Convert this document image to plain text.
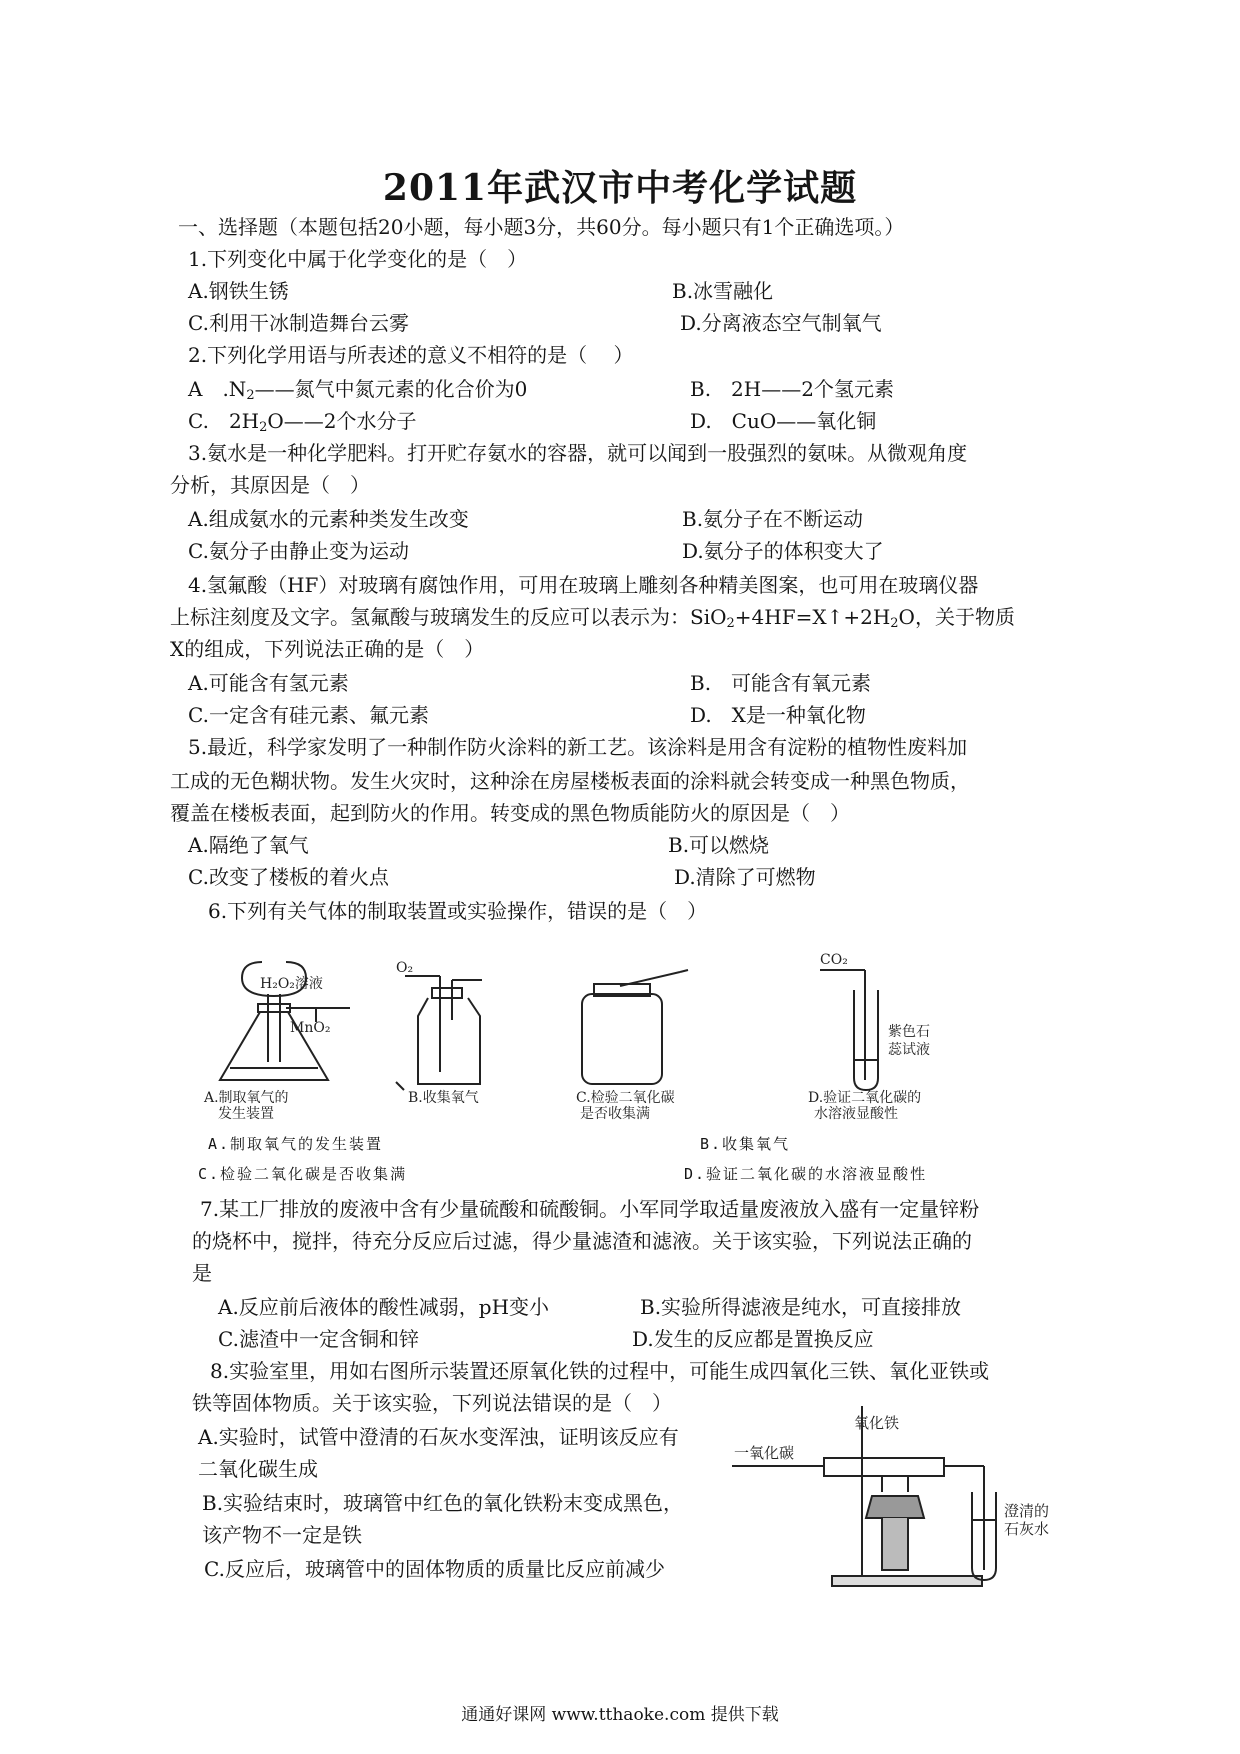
2011年武汉市中考化学试题
一、选择题（本题包括20小题，每小题3分，共60分。每小题只有1个正确选项。）
1.下列变化中属于化学变化的是（　）
A.钢铁生锈	B.冰雪融化
C.利用干冰制造舞台云雾	D.分离液态空气制氧气
2.下列化学用语与所表述的意义不相符的是（　 ）
A　$.N_2——$氮气中氮元素的化合价为0	B.　2H——2个氢元素
C.　$2H_2O——2$个水分子	D.　CuO——氧化铜
3.氨水是一种化学肥料。打开贮存氨水的容器，就可以闻到一股强烈的氨味。从微观角度
分析，其原因是（　）
A.组成氨水的元素种类发生改变	B.氨分子在不断运动
C.氨分子由静止变为运动	D.氨分子的体积变大了
4.氢氟酸（HF）对玻璃有腐蚀作用，可用在玻璃上雕刻各种精美图案，也可用在玻璃仪器
上标注刻度及文字。氢氟酸与玻璃发生的反应可以表示为：$SiO_2+4HF=X↑+2H_2O$，关于物质
X的组成，下列说法正确的是（　）
A.可能含有氢元素	B.　可能含有氧元素
C.一定含有硅元素、氟元素	D.　X是一种氧化物
5.最近，科学家发明了一种制作防火涂料的新工艺。该涂料是用含有淀粉的植物性废料加
工成的无色糊状物。发生火灾时，这种涂在房屋楼板表面的涂料就会转变成一种黑色物质，
覆盖在楼板表面，起到防火的作用。转变成的黑色物质能防火的原因是（　）
A.隔绝了氧气	B.可以燃烧
C.改变了楼板的着火点	D.清除了可燃物
6.下列有关气体的制取装置或实验操作，错误的是（　）
H₂O₂溶液
MnO₂
A.制取氧气的
发生装置
O₂
B.收集氧气	C.检验二氧化碳
是否收集满
CO₂
紫色石
蕊试液
D.验证二氧化碳的
水溶液显酸性
A.制取氧气的发生装置	B.收集氧气
C.检验二氧化碳是否收集满	D.验证二氧化碳的水溶液显酸性
7.某工厂排放的废液中含有少量硫酸和硫酸铜。小军同学取适量废液放入盛有一定量锌粉
的烧杯中，搅拌，待充分反应后过滤，得少量滤渣和滤液。关于该实验，下列说法正确的
是
A.反应前后液体的酸性减弱，pH变小	B.实验所得滤液是纯水，可直接排放
C.滤渣中一定含铜和锌	D.发生的反应都是置换反应
8.实验室里，用如右图所示装置还原氧化铁的过程中，可能生成四氧化三铁、氧化亚铁或
铁等固体物质。关于该实验，下列说法错误的是（　）
A.实验时，试管中澄清的石灰水变浑浊，证明该反应有
二氧化碳生成
B.实验结束时，玻璃管中红色的氧化铁粉末变成黑色，
该产物不一定是铁
C.反应后，玻璃管中的固体物质的质量比反应前减少
氧化铁
一氧化碳
澄清的
石灰水
通通好课网 www.tthaoke.com 提供下载
